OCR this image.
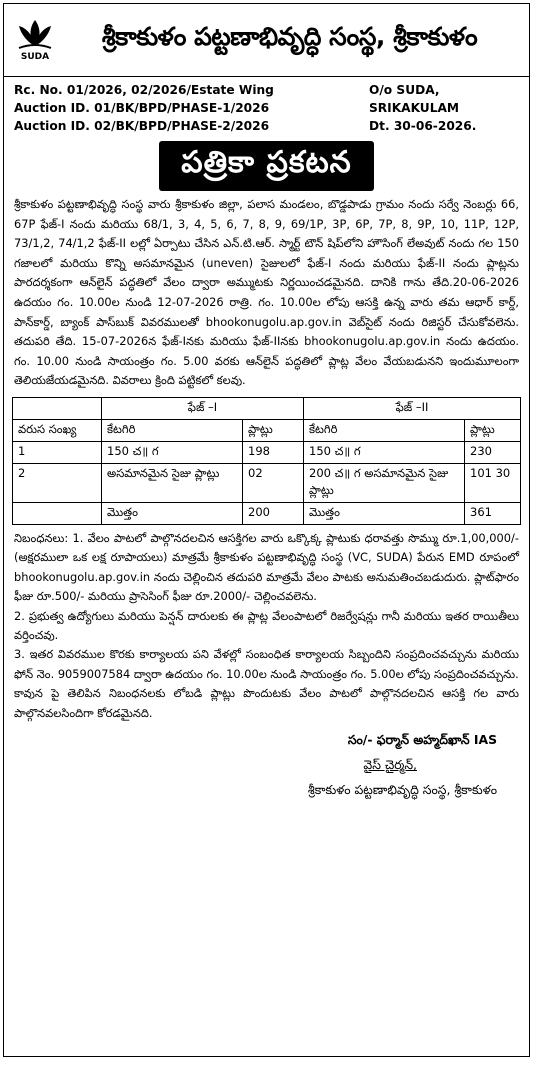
SUDA
శ్రీకాకుళం పట్టణాభివృద్ధి సంస్థ, శ్రీకాకుళం
Rc. No. 01/2026, 02/2026/Estate Wing
Auction ID. 01/BK/BPD/PHASE-1/2026
Auction ID. 02/BK/BPD/PHASE-2/2026
O/o SUDA, SRIKAKULAM
Dt. 30-06-2026.
పత్రికా ప్రకటన
శ్రీకాకుళం పట్టణాభివృద్ధి సంస్థ వారు శ్రీకాకుళం జిల్లా, పలాస మండలం, బొడ్డపాడు గ్రామం నందు సర్వే నెంబర్లు 66, 67P ఫేజ్-I నందు మరియు 68/1, 3, 4, 5, 6, 7, 8, 9, 69/1P, 3P, 6P, 7P, 8, 9P, 10, 11P, 12P, 73/1,2, 74/1,2 ఫేజ్-II లల్లో ఏర్పాటు చేసిన ఎన్.టి.ఆర్. స్మార్ట్ టౌన్ షిప్‌లోని హౌసింగ్ లేఅవుట్ నందు గల 150 గజాలలో మరియు కొన్ని అసమానమైన (uneven) సైజులలో ఫేజ్-I నందు మరియు ఫేజ్-II నందు ప్లాట్లను పారదర్శకంగా ఆన్‌లైన్ పద్ధతిలో వేలం ద్వారా అమ్ముటకు నిర్ణయించడమైనది. దానికి గాను తేది.20-06-2026 ఉదయం గం. 10.00ల నుండి 12-07-2026 రాత్రి. గం. 10.00ల లోపు ఆసక్తి ఉన్న వారు తమ ఆధార్ కార్డ్, పాన్‌కార్డ్, బ్యాంక్ పాస్‌బుక్ వివరములతో bhookonugolu.ap.gov.in వెబ్‌సైట్ నందు రిజిస్టర్ చేసుకోవలెను. తదుపరి తేది. 15-07-2026న ఫేజ్-Iనకు మరియు ఫేజ్-IIనకు bhookonugolu.ap.gov.in నందు ఉదయం. గం. 10.00 నుండి సాయంత్రం గం. 5.00 వరకు ఆన్‌లైన్ పద్ధతిలో ప్లాట్ల వేలం వేయబడునని ఇందుమూలంగా తెలియజేయడమైనది. వివరాలు క్రింది పట్టికలో కలవు.
	ఫేజ్ –I		ఫేజ్ –II	
వరుస సంఖ్య	కేటగిరి	ప్లాట్లు	కేటగిరి	ప్లాట్లు
1	150 చ॥ గ	198	150 చ॥ గ	230
2	అసమానమైన సైజు ప్లాట్లు	02	200 చ॥ గ అసమానమైన సైజు ప్లాట్లు	101 30
	మొత్తం	200	మొత్తం	361

నిబంధనలు: 1. వేలం పాటలో పాల్గొనదలచిన ఆసక్తిగల వారు ఒక్కొక్క ప్లాటుకు ధరావత్తు సొమ్ము రూ.1,00,000/- (అక్షరములా ఒక లక్ష రూపాయలు) మాత్రమే శ్రీకాకుళం పట్టణాభివృద్ధి సంస్థ (VC, SUDA) పేరున EMD రూపంలో bhookonugolu.ap.gov.in నందు చెల్లించిన తదుపరి మాత్రమే వేలం పాటకు అనుమతించబడుదురు. ప్లాట్‌ఫారం ఫీజు రూ.500/- మరియు ప్రాసెసింగ్ ఫీజు రూ.2000/- చెల్లించవలెను.

2. ప్రభుత్వ ఉద్యోగులు మరియు పెన్షన్ దారులకు ఈ ప్లాట్ల వేలంపాటలో రిజర్వేషన్లు గానీ మరియు ఇతర రాయితీలు వర్తించవు.

3. ఇతర వివరముల కొరకు కార్యాలయ పని వేళల్లో సంబంధిత కార్యాలయ సిబ్బందిని సంప్రదించవచ్చును మరియు ఫోన్ నెం. 9059007584 ద్వారా ఉదయం గం. 10.00ల నుండి సాయంత్రం గం. 5.00ల లోపు సంప్రదించవచ్చును.

కావున పై తెలిపిన నిబంధనలకు లోబడి ప్లాట్లు పొందుటకు వేలం పాటలో పాల్గొనదలచిన ఆసక్తి గల వారు పాల్గొనవలసిందిగా కోరడమైనది.

సం/- ఫర్మాన్ అహ్మద్‌ఖాన్ IAS
వైస్ చైర్మన్,
శ్రీకాకుళం పట్టణాభివృద్ధి సంస్థ, శ్రీకాకుళం
